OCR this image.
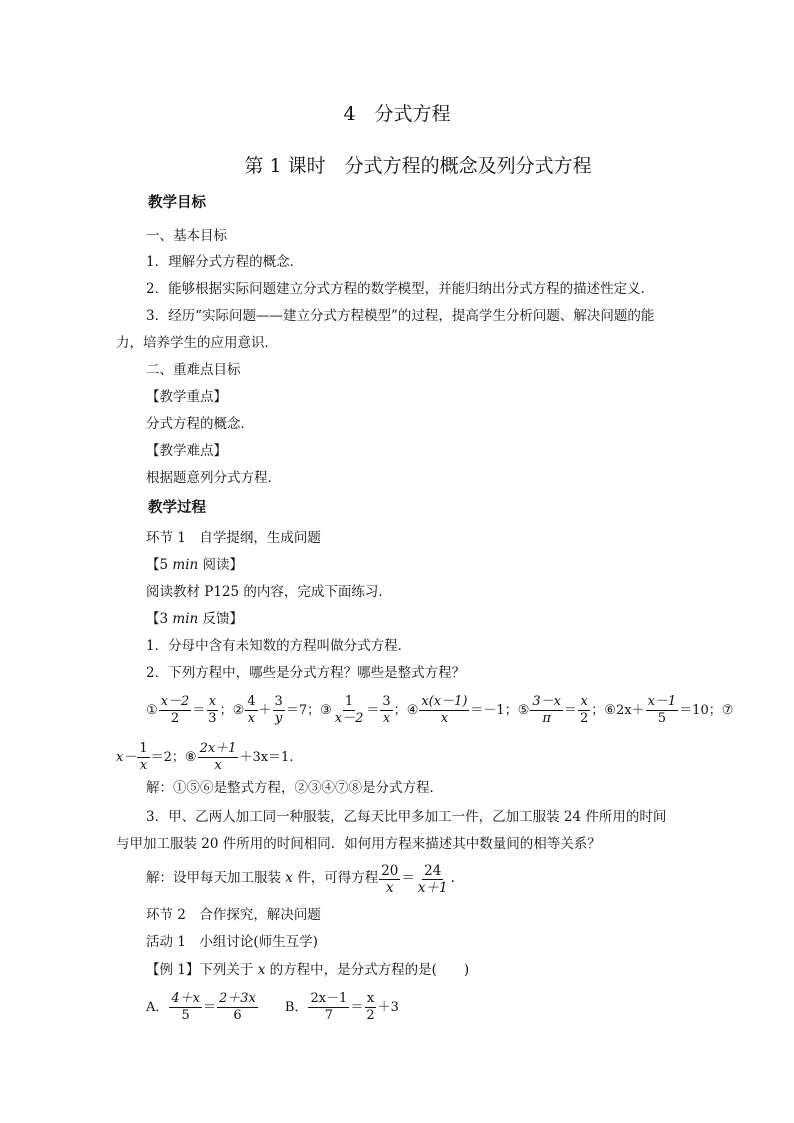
4　分式方程
第 1 课时　分式方程的概念及列分式方程
教学目标
一、基本目标
1．理解分式方程的概念．
2．能够根据实际问题建立分式方程的数学模型，并能归纳出分式方程的描述性定义．
3．经历“实际问题——建立分式方程模型”的过程，提高学生分析问题、解决问题的能
力，培养学生的应用意识．
二、重难点目标
【教学重点】
分式方程的概念．
【教学难点】
根据题意列分式方程．
教学过程
环节 1　自学提纲，生成问题
【5 min 阅读】
阅读教材 P125 的内容，完成下面练习．
【3 min 反馈】
1．分母中含有未知数的方程叫做分式方程．
2．下列方程中，哪些是分式方程？哪些是整式方程？
① $\frac{x-2}{2} = \frac{x}{3}$ ； ② $\frac{4}{x} + \frac{3}{y} =7$ ； ③ $\frac{1}{x-2} = \frac{3}{x}$ ； ④ $\frac{x(x-1)}{x} =-1$ ； ⑤ $\frac{3-x}{\pi} = \frac{x}{2}$ ； ⑥2x＋ $\frac{x-1}{5} =10$ ； ⑦
$x- \frac{1}{x} =2$ ； ⑧ $\frac{2x+1}{x} +3x=1$.
解：①⑤⑥是整式方程，②③④⑦⑧是分式方程．
3．甲、乙两人加工同一种服装，乙每天比甲多加工一件，乙加工服装 24 件所用的时间
与甲加工服装 20 件所用的时间相同．如何用方程来描述其中数量间的相等关系？
解：设甲每天加工服装 x 件，可得方程 $\frac{20}{x} = \frac{24}{x+1}$ .
环节 2　合作探究，解决问题
活动 1　小组讨论(师生互学)
【例 1】下列关于 x 的方程中，是分式方程的是(　　)
A． $\frac{4+x}{5} = \frac{2+3x}{6}$ B． $\frac{2x-1}{7} = \frac{x}{2} +3$
